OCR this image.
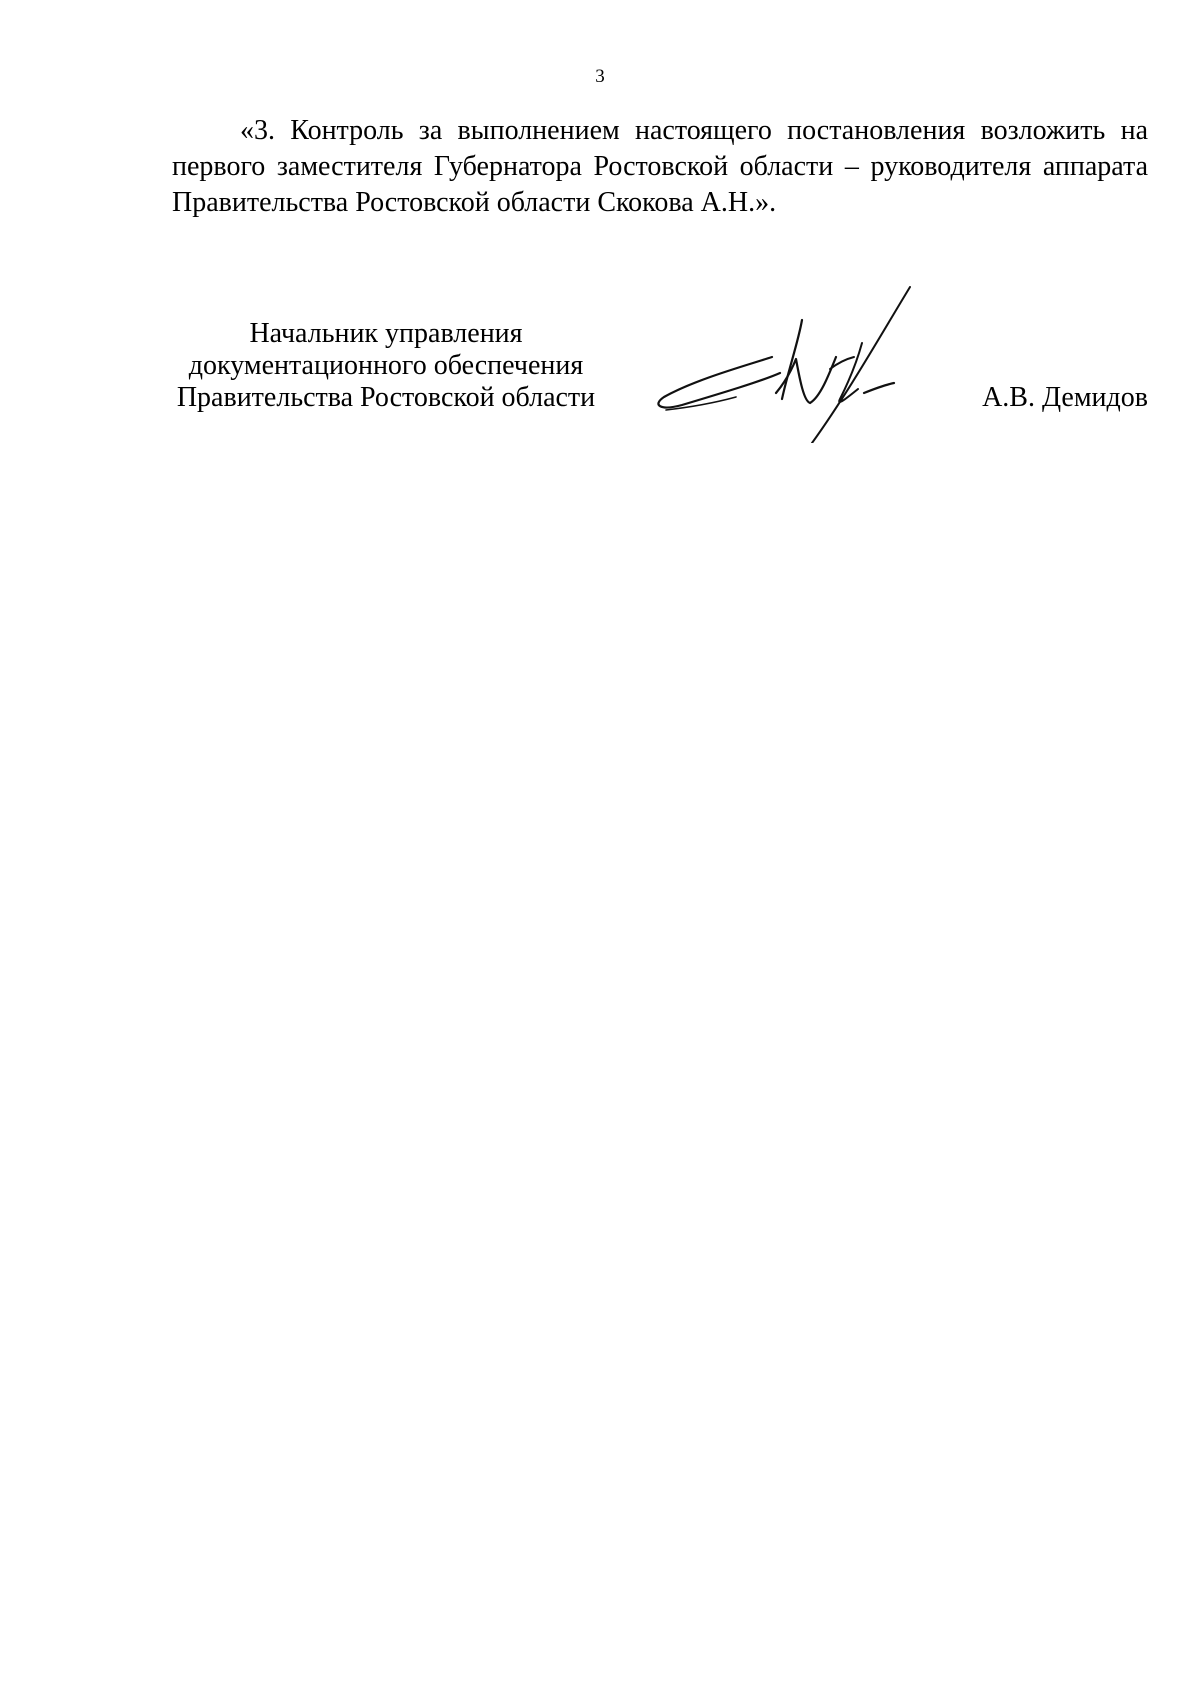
3

«3. Контроль за выполнением настоящего постановления возложить на первого заместителя Губернатора Ростовской области – руководителя аппарата Правительства Ростовской области Скокова А.Н.».

Начальник управления
документационного обеспечения
Правительства Ростовской области	А.В. Демидов
